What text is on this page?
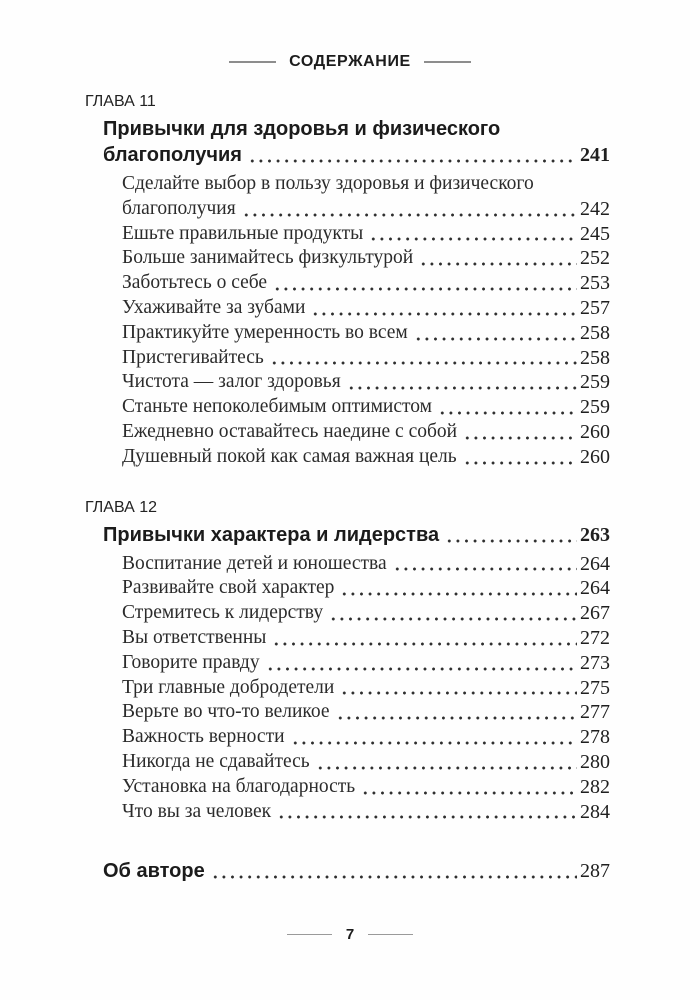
СОДЕРЖАНИЕ
ГЛАВА 11
Привычки для здоровья и физического
благополучия	241
Сделайте выбор в пользу здоровья и физического
благополучия	242
Ешьте правильные продукты	245
Больше занимайтесь физкультурой	252
Заботьтесь о себе	253
Ухаживайте за зубами	257
Практикуйте умеренность во всем	258
Пристегивайтесь	258
Чистота — залог здоровья	259
Станьте непоколебимым оптимистом	259
Ежедневно оставайтесь наедине с собой	260
Душевный покой как самая важная цель	260
ГЛАВА 12
Привычки характера и лидерства	263
Воспитание детей и юношества	264
Развивайте свой характер	264
Стремитесь к лидерству	267
Вы ответственны	272
Говорите правду	273
Три главные добродетели	275
Верьте во что-то великое	277
Важность верности	278
Никогда не сдавайтесь	280
Установка на благодарность	282
Что вы за человек	284
Об авторе	287
7
